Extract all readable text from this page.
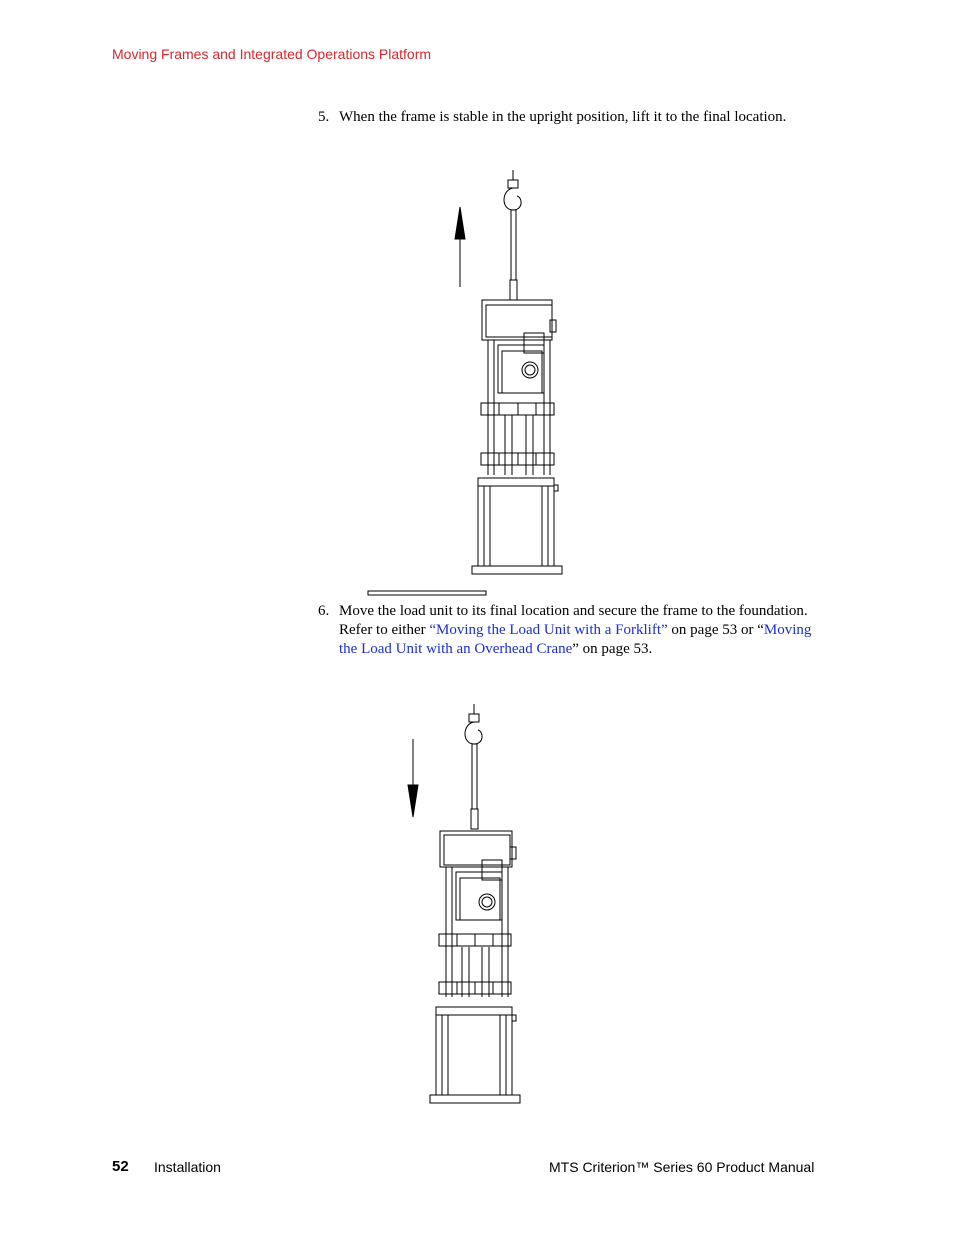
Moving Frames and Integrated Operations Platform
5. When the frame is stable in the upright position, lift it to the final location.
6. Move the load unit to its final location and secure the frame to the foundation. Refer to either “Moving the Load Unit with a Forklift” on page 53 or “Moving the Load Unit with an Overhead Crane” on page 53.
52 Installation	MTS Criterion™ Series 60 Product Manual
